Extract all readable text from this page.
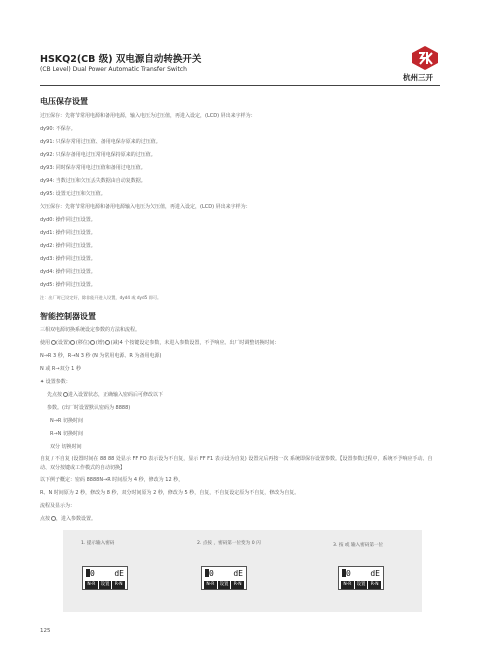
HSKQ2(CB 级) 双电源自动转换开关
(CB Level) Dual Power Automatic Transfer Switch
杭州三开
电压保存设置
过压保存：先将节常用电源和备用电源，输入电压为过压值，再进入设定，(LCD) 屏出来字样为：
dy90: 不保存。
dy91: 只保存常用过压值、备用电保存原来的过压值。
dy92: 只保存备用电过压常用电保持原来的过压值。
dy93: 同时保存常用电过压值和备用过电压值。
dy94: 当数过压和欠压丢失数据由自动复数据。
dy95: 设置无过压和欠压值。
欠压保存：先将节常用电源和备用电源输入电压为欠压值，再进入设定，(LCD) 屏出来字样为：
dyd0: 操作同过压设置。
dyd1: 操作同过压设置。
dyd2: 操作同过压设置。
dyd3: 操作同过压设置。
dyd4: 操作同过压设置。
dyd5: 操作同过压设置。
注：出厂时已设定好，除非能开进入设置，dyd4 或 dyd5 即可。
智能控制器设置
三相双电源切换系统设定参数的方法和流程。
使用 (设置) (移位) (增) (减)4 个按键设定参数，未进入参数设置，不予响应。出厂时调整切换时间：
N→R 3 秒，R→N 3 秒 (N 为常用电源、R 为备用电源)
N 或 R→双分 1 秒
✦ 设置参数：
先点按 进入设置状态，正确输入密码后可修改以下
参数。(出厂时设置默认密码为 8888)
N→R 切换时间
R→N 切换时间
双分 切换时间
自复 / 不自复 (设置时间在 88 88 处显示 FF FO 表示设为不自复，显示 FF F1 表示设为自复) 设置完后再按一次 系统即保存设置参数。【设置参数过程中，系统不予响应手动、自动、双分按键或工作模式的自动切换】
以下例子概定：密码 8888N→R 时间原为 4 秒，修改为 12 秒，
R、N 时间原为 2 秒，修改为 8 秒，双分时间原为 2 秒，修改为 5 秒，自复，不自复设定原为不自复，修改为自复。
流程及显示为：
点按 ，进入参数设置。
1. 提示输入密码	2. 点按 ，密码第一位变为 0 闪	3. 按 或 输入密码第一位
0 dE
N-R	设置	R-N
0 dE
N-R	设置	R-N
0 dE
N-R	设置	R-N
125
